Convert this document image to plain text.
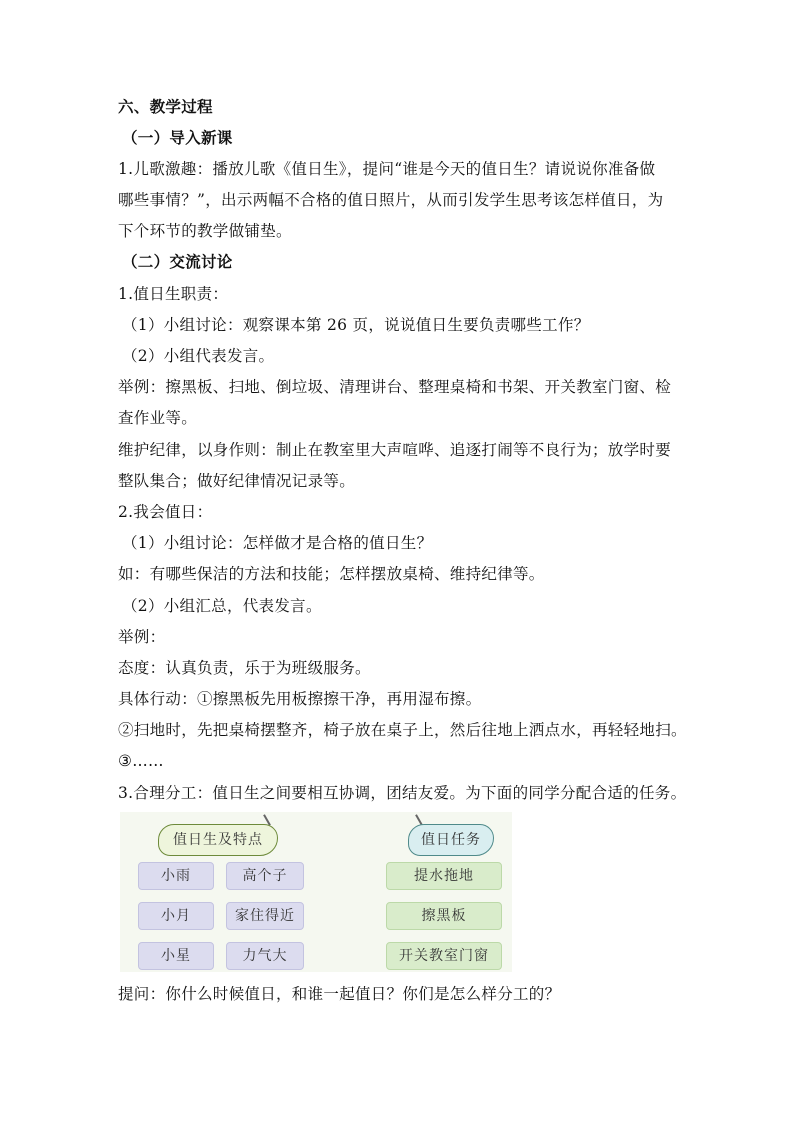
六、教学过程
（一）导入新课
1.儿歌激趣：播放儿歌《值日生》，提问“谁是今天的值日生？请说说你准备做
哪些事情？”，出示两幅不合格的值日照片，从而引发学生思考该怎样值日，为
下个环节的教学做铺垫。
（二）交流讨论
1.值日生职责：
（1）小组讨论：观察课本第 26 页，说说值日生要负责哪些工作？
（2）小组代表发言。
举例：擦黑板、扫地、倒垃圾、清理讲台、整理桌椅和书架、开关教室门窗、检
查作业等。
维护纪律，以身作则：制止在教室里大声喧哗、追逐打闹等不良行为；放学时要
整队集合；做好纪律情况记录等。
2.我会值日：
（1）小组讨论：怎样做才是合格的值日生？
如：有哪些保洁的方法和技能；怎样摆放桌椅、维持纪律等。
（2）小组汇总，代表发言。
举例：
态度：认真负责，乐于为班级服务。
具体行动：①擦黑板先用板擦擦干净，再用湿布擦。
②扫地时，先把桌椅摆整齐，椅子放在桌子上，然后往地上洒点水，再轻轻地扫。
③……
3.合理分工：值日生之间要相互协调，团结友爱。为下面的同学分配合适的任务。
值日生及特点	值日任务
小雨	高个子
小月	家住得近
小星	力气大
提水拖地
擦黑板
开关教室门窗
提问：你什么时候值日，和谁一起值日？你们是怎么样分工的？
